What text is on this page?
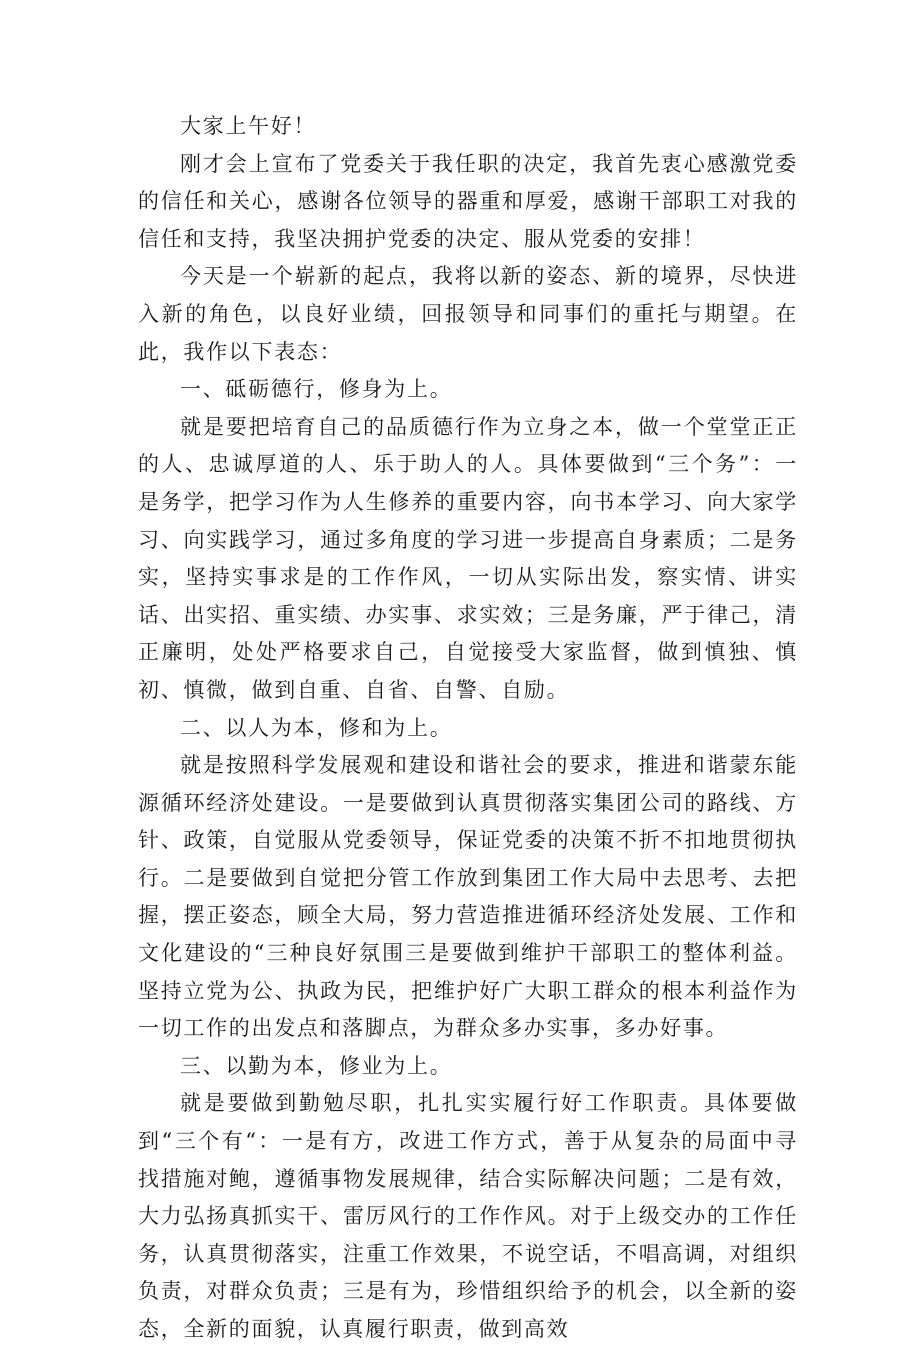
大家上午好！

刚才会上宣布了党委关于我任职的决定，我首先衷心感激党委的信任和关心，感谢各位领导的器重和厚爱，感谢干部职工对我的信任和支持，我坚决拥护党委的决定、服从党委的安排！

今天是一个崭新的起点，我将以新的姿态、新的境界，尽快进入新的角色，以良好业绩，回报领导和同事们的重托与期望。在此，我作以下表态：

一、砥砺德行，修身为上。

就是要把培育自己的品质德行作为立身之本，做一个堂堂正正的人、忠诚厚道的人、乐于助人的人。具体要做到“三个务”：一是务学，把学习作为人生修养的重要内容，向书本学习、向大家学习、向实践学习，通过多角度的学习进一步提高自身素质；二是务实，坚持实事求是的工作作风，一切从实际出发，察实情、讲实话、出实招、重实绩、办实事、求实效；三是务廉，严于律己，清正廉明，处处严格要求自己，自觉接受大家监督，做到慎独、慎初、慎微，做到自重、自省、自警、自励。

二、以人为本，修和为上。

就是按照科学发展观和建设和谐社会的要求，推进和谐蒙东能源循环经济处建设。一是要做到认真贯彻落实集团公司的路线、方针、政策，自觉服从党委领导，保证党委的决策不折不扣地贯彻执行。二是要做到自觉把分管工作放到集团工作大局中去思考、去把握，摆正姿态，顾全大局，努力营造推进循环经济处发展、工作和文化建设的“三种良好氛围三是要做到维护干部职工的整体利益。坚持立党为公、执政为民，把维护好广大职工群众的根本利益作为一切工作的出发点和落脚点，为群众多办实事，多办好事。

三、以勤为本，修业为上。

就是要做到勤勉尽职，扎扎实实履行好工作职责。具体要做到“三个有“：一是有方，改进工作方式，善于从复杂的局面中寻找措施对鲍，遵循事物发展规律，结合实际解决问题；二是有效，大力弘扬真抓实干、雷厉风行的工作作风。对于上级交办的工作任务，认真贯彻落实，注重工作效果，不说空话，不唱高调，对组织负责，对群众负责；三是有为，珍惜组织给予的机会，以全新的姿态，全新的面貌，认真履行职责，做到高效
